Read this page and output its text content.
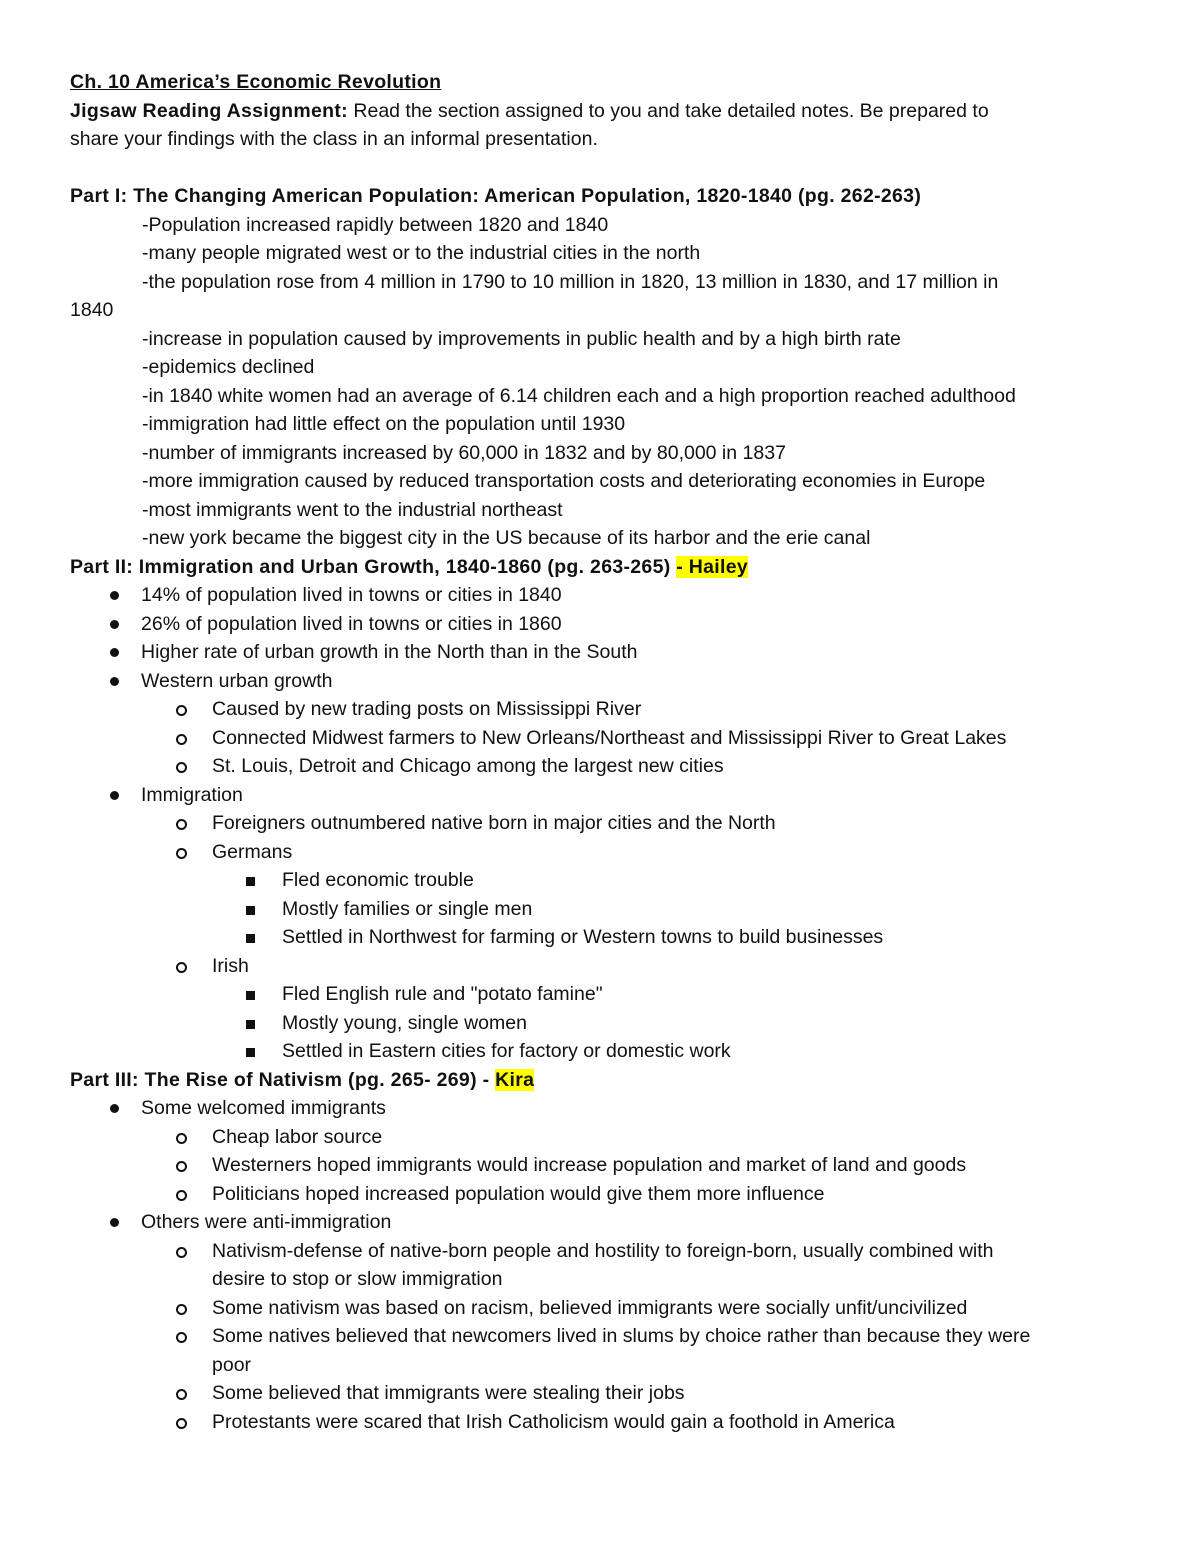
Ch. 10 America’s Economic Revolution
Jigsaw Reading Assignment: Read the section assigned to you and take detailed notes. Be prepared to
share your findings with the class in an informal presentation.
Part I: The Changing American Population: American Population, 1820-1840 (pg. 262-263)
-Population increased rapidly between 1820 and 1840
-many people migrated west or to the industrial cities in the north
-the population rose from 4 million in 1790 to 10 million in 1820, 13 million in 1830, and 17 million in
1840
-increase in population caused by improvements in public health and by a high birth rate
-epidemics declined
-in 1840 white women had an average of 6.14 children each and a high proportion reached adulthood
-immigration had little effect on the population until 1930
-number of immigrants increased by 60,000 in 1832 and by 80,000 in 1837
-more immigration caused by reduced transportation costs and deteriorating economies in Europe
-most immigrants went to the industrial northeast
-new york became the biggest city in the US because of its harbor and the erie canal
Part II: Immigration and Urban Growth, 1840-1860 (pg. 263-265) - Hailey
14% of population lived in towns or cities in 1840
26% of population lived in towns or cities in 1860
Higher rate of urban growth in the North than in the South
Western urban growth
Caused by new trading posts on Mississippi River
Connected Midwest farmers to New Orleans/Northeast and Mississippi River to Great Lakes
St. Louis, Detroit and Chicago among the largest new cities
Immigration
Foreigners outnumbered native born in major cities and the North
Germans
Fled economic trouble
Mostly families or single men
Settled in Northwest for farming or Western towns to build businesses
Irish
Fled English rule and "potato famine"
Mostly young, single women
Settled in Eastern cities for factory or domestic work
Part III: The Rise of Nativism (pg. 265- 269) - Kira
Some welcomed immigrants
Cheap labor source
Westerners hoped immigrants would increase population and market of land and goods
Politicians hoped increased population would give them more influence
Others were anti-immigration
Nativism-defense of native-born people and hostility to foreign-born, usually combined with
desire to stop or slow immigration
Some nativism was based on racism, believed immigrants were socially unfit/uncivilized
Some natives believed that newcomers lived in slums by choice rather than because they were
poor
Some believed that immigrants were stealing their jobs
Protestants were scared that Irish Catholicism would gain a foothold in America
